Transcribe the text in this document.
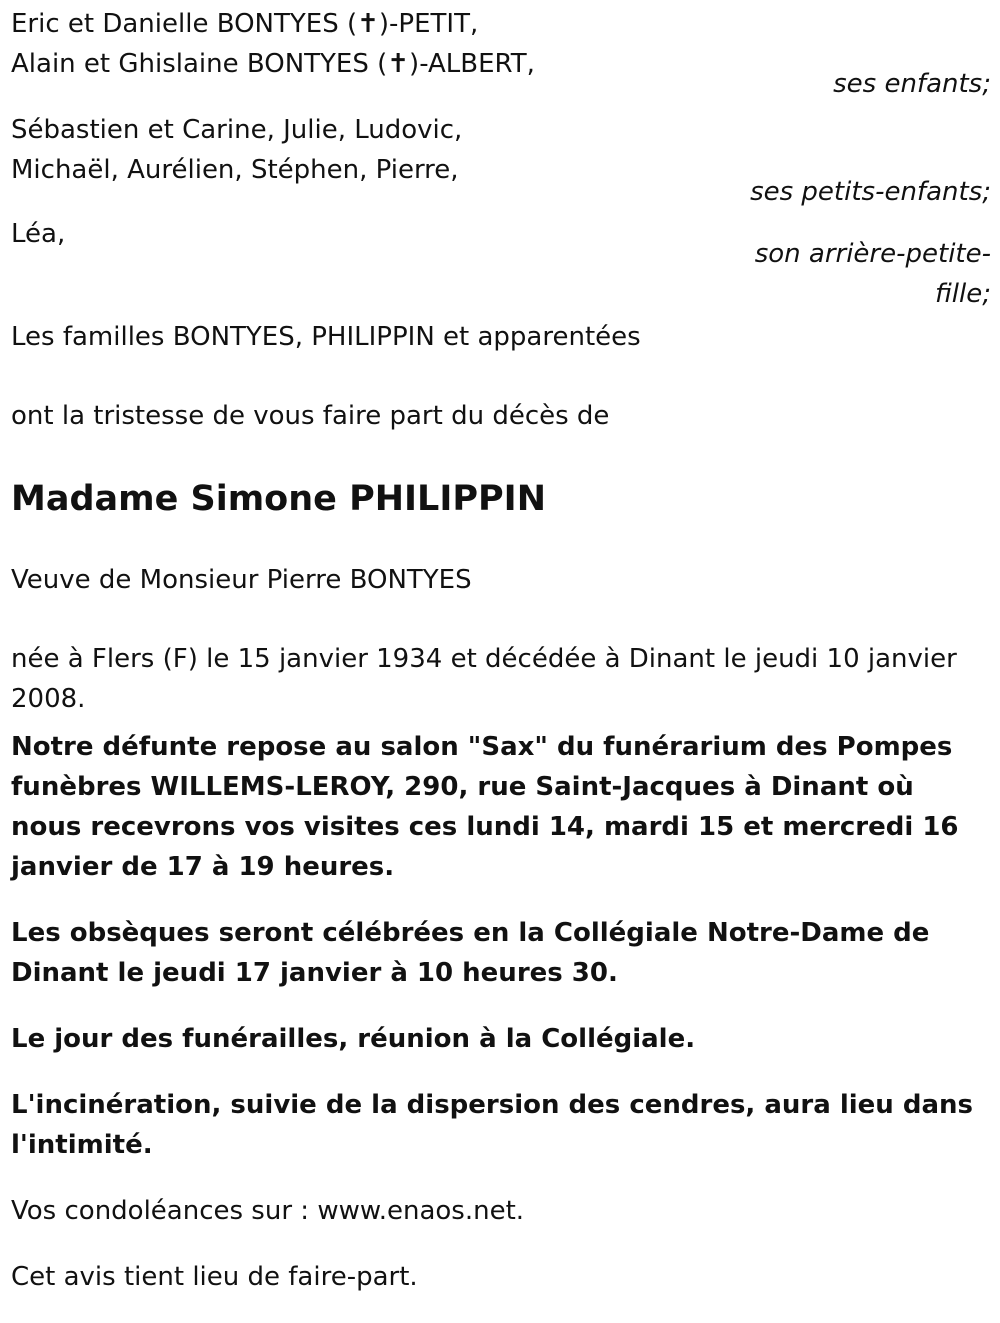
Eric et Danielle BONTYES (✝)-PETIT,

Alain et Ghislaine BONTYES (✝)-ALBERT,

ses enfants;

Sébastien et Carine, Julie, Ludovic,

Michaël, Aurélien, Stéphen, Pierre,

ses petits-enfants;

Léa,

son arrière-petite-
fille;

Les familles BONTYES, PHILIPPIN et apparentées

ont la tristesse de vous faire part du décès de

Madame Simone PHILIPPIN

Veuve de Monsieur Pierre BONTYES

née à Flers (F) le 15 janvier 1934 et décédée à Dinant le jeudi 10 janvier 2008.

Notre défunte repose au salon "Sax" du funérarium des Pompes funèbres WILLEMS-LEROY, 290, rue Saint-Jacques à Dinant où nous recevrons vos visites ces lundi 14, mardi 15 et mercredi 16 janvier de 17 à 19 heures.

Les obsèques seront célébrées en la Collégiale Notre-Dame de Dinant le jeudi 17 janvier à 10 heures 30.

Le jour des funérailles, réunion à la Collégiale.

L'incinération, suivie de la dispersion des cendres, aura lieu dans l'intimité.

Vos condoléances sur : www.enaos.net.

Cet avis tient lieu de faire-part.
